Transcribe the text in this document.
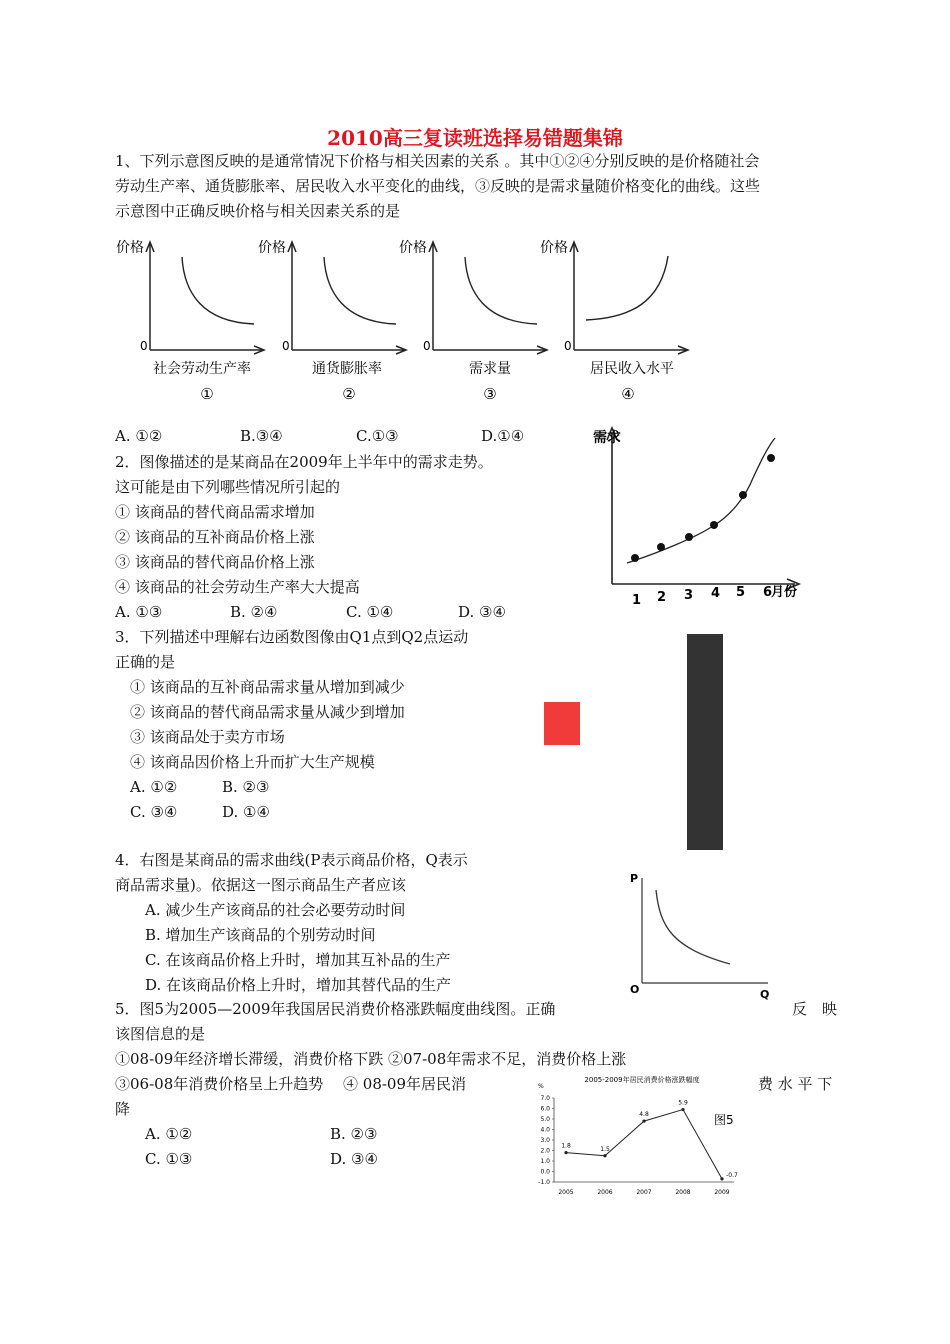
2010高三复读班选择易错题集锦
1、下列示意图反映的是通常情况下价格与相关因素的关系 。其中①②④分别反映的是价格随社会
劳动生产率、通货膨胀率、居民收入水平变化的曲线，③反映的是需求量随价格变化的曲线。这些
示意图中正确反映价格与相关因素关系的是
价格
0
社会劳动生产率
①
价格
0
通货膨胀率
②
价格
0
需求量
③
价格
0
居民收入水平
④
A. ①②	B.③④	C.①③	D.①④
2．图像描述的是某商品在2009年上半年中的需求走势。
这可能是由下列哪些情况所引起的
① 该商品的替代商品需求增加
② 该商品的互补商品价格上涨
③ 该商品的替代商品价格上涨
④ 该商品的社会劳动生产率大大提高
A. ①③	B. ②④	C. ①④	D. ③④
需求
月份
1 2 3 4 5 6
3．下列描述中理解右边函数图像由Q1点到Q2点运动
正确的是
① 该商品的互补商品需求量从增加到减少
② 该商品的替代商品需求量从减少到增加
③ 该商品处于卖方市场
④ 该商品因价格上升而扩大生产规模
A. ①②	B. ②③
C. ③④	D. ①④
4．右图是某商品的需求曲线(P表示商品价格，Q表示
商品需求量)。依据这一图示商品生产者应该
A. 减少生产该商品的社会必要劳动时间
B. 增加生产该商品的个别劳动时间
C. 在该商品价格上升时，增加其互补品的生产
D. 在该商品价格上升时，增加其替代品的生产
P
O	Q
5．图5为2005—2009年我国居民消费价格涨跌幅度曲线图。正确	反　映
该图信息的是
①08-09年经济增长滞缓，消费价格下跌 ②07-08年需求不足，消费价格上涨
③06-08年消费价格呈上升趋势　 ④ 08-09年居民消	费 水 平 下
降
A. ①②	B. ②③
C. ①③	D. ③④
2005-2009年居民消费价格涨跌幅度
图5
%
7.0
6.0
5.0
4.0
3.0
2.0
1.0
0.0
-1.0
2005	2006	2007	2008	2009
1.8	1.5
4.8
5.9
-0.7
